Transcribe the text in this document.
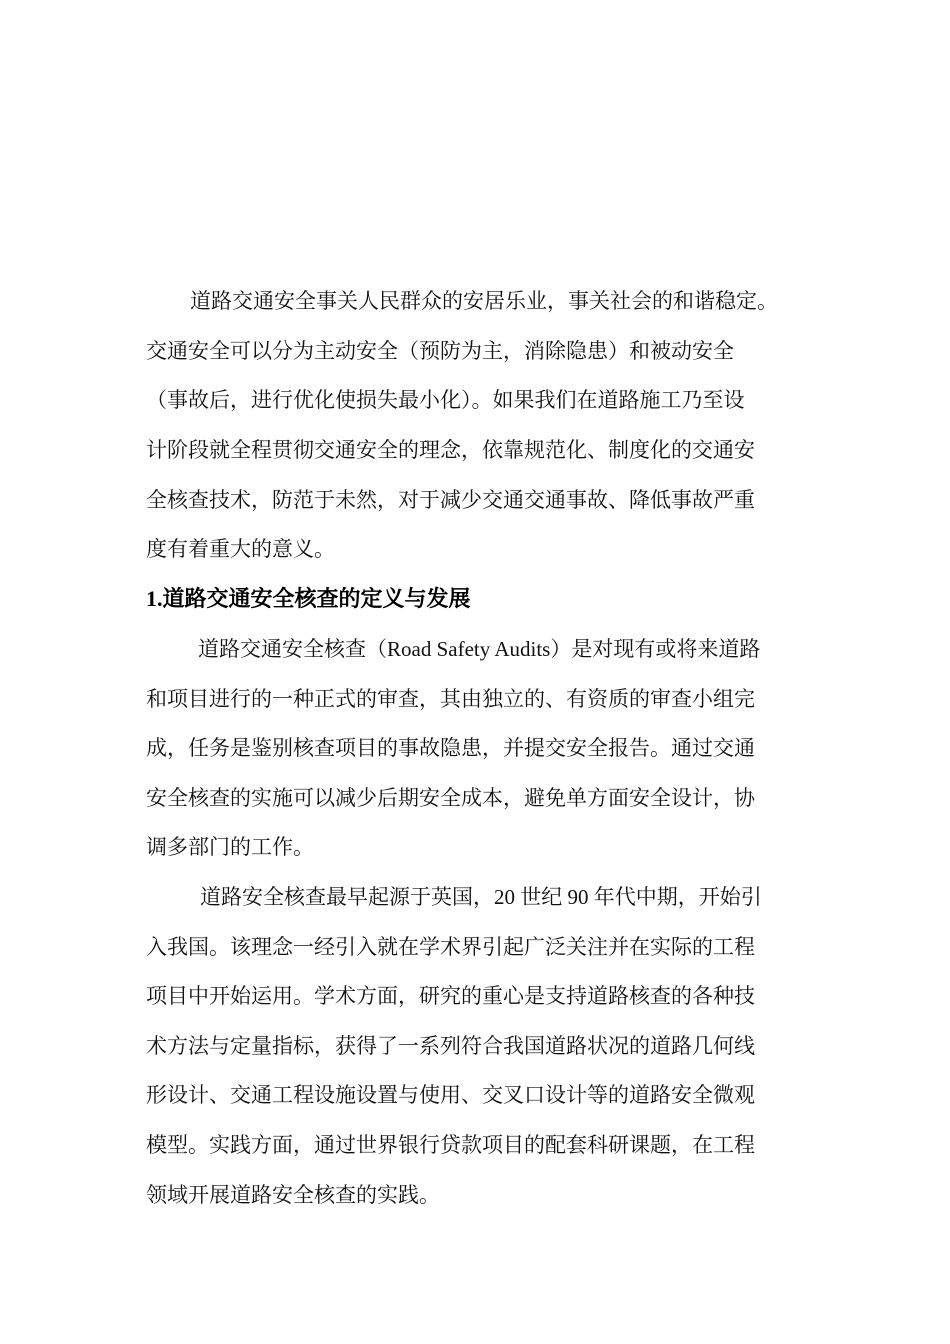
道路交通安全事关人民群众的安居乐业，事关社会的和谐稳定。
交通安全可以分为主动安全（预防为主，消除隐患）和被动安全
（事故后，进行优化使损失最小化）。如果我们在道路施工乃至设
计阶段就全程贯彻交通安全的理念，依靠规范化、制度化的交通安
全核查技术，防范于未然，对于减少交通交通事故、降低事故严重
度有着重大的意义。
1.道路交通安全核查的定义与发展
道路交通安全核查（Road Safety Audits）是对现有或将来道路
和项目进行的一种正式的审查，其由独立的、有资质的审查小组完
成，任务是鉴别核查项目的事故隐患，并提交安全报告。通过交通
安全核查的实施可以减少后期安全成本，避免单方面安全设计，协
调多部门的工作。
道路安全核查最早起源于英国，20 世纪 90 年代中期，开始引
入我国。该理念一经引入就在学术界引起广泛关注并在实际的工程
项目中开始运用。学术方面，研究的重心是支持道路核查的各种技
术方法与定量指标，获得了一系列符合我国道路状况的道路几何线
形设计、交通工程设施设置与使用、交叉口设计等的道路安全微观
模型。实践方面，通过世界银行贷款项目的配套科研课题，在工程
领域开展道路安全核查的实践。
